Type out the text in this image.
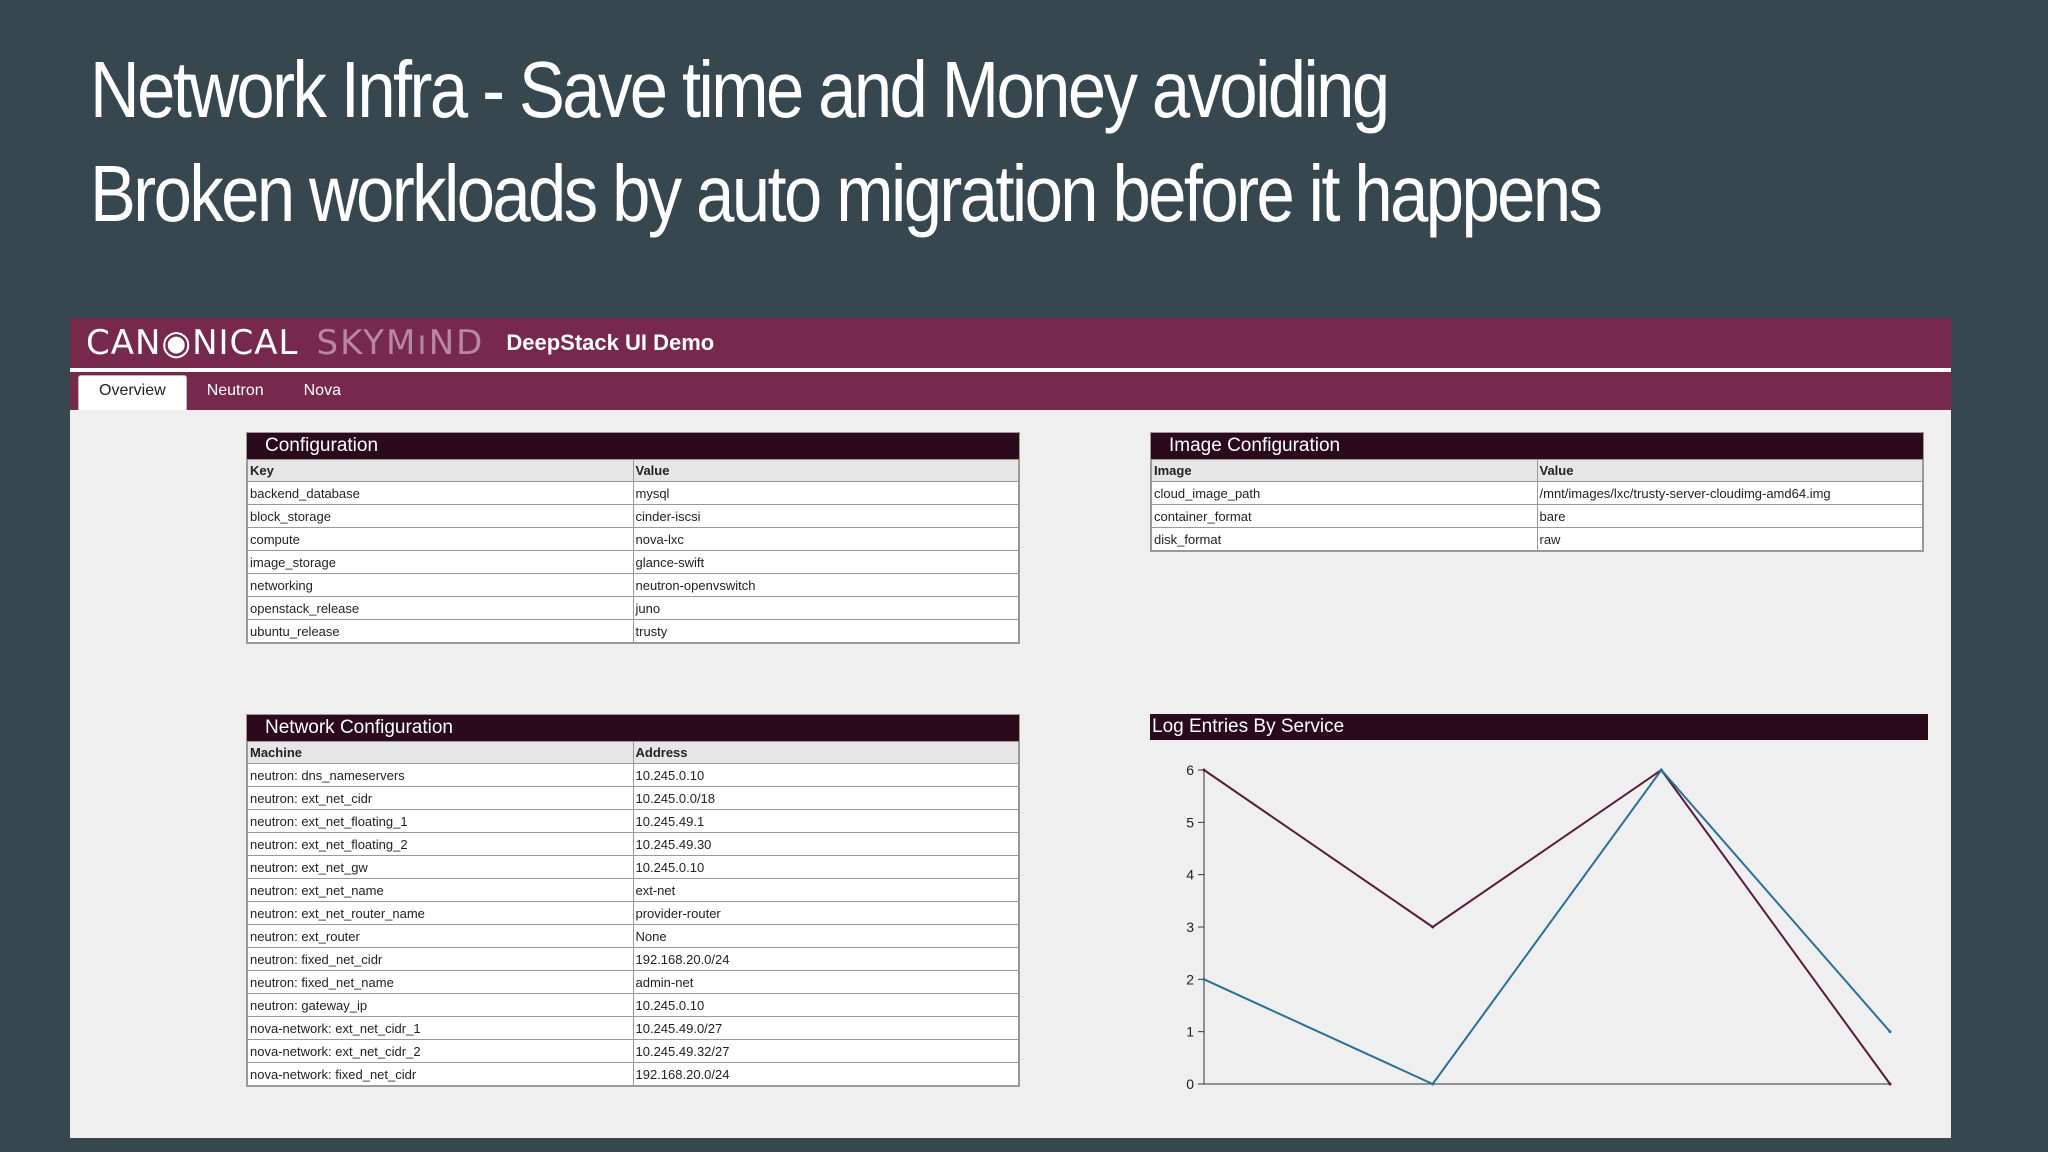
Network Infra - Save time and Money avoiding
Broken workloads by auto migration before it happens
CAN◉NICAL SKYMıND DeepStack UI Demo
Overview	Neutron	Nova
Configuration
Key	Value
backend_database	mysql
block_storage	cinder-iscsi
compute	nova-lxc
image_storage	glance-swift
networking	neutron-openvswitch
openstack_release	juno
ubuntu_release	trusty
Image Configuration
Image	Value
cloud_image_path	/mnt/images/lxc/trusty-server-cloudimg-amd64.img
container_format	bare
disk_format	raw
Network Configuration
Machine	Address
neutron: dns_nameservers	10.245.0.10
neutron: ext_net_cidr	10.245.0.0/18
neutron: ext_net_floating_1	10.245.49.1
neutron: ext_net_floating_2	10.245.49.30
neutron: ext_net_gw	10.245.0.10
neutron: ext_net_name	ext-net
neutron: ext_net_router_name	provider-router
neutron: ext_router	None
neutron: fixed_net_cidr	192.168.20.0/24
neutron: fixed_net_name	admin-net
neutron: gateway_ip	10.245.0.10
nova-network: ext_net_cidr_1	10.245.49.0/27
nova-network: ext_net_cidr_2	10.245.49.32/27
nova-network: fixed_net_cidr	192.168.20.0/24
Log Entries By Service
0
1
2
3
4
5
6
